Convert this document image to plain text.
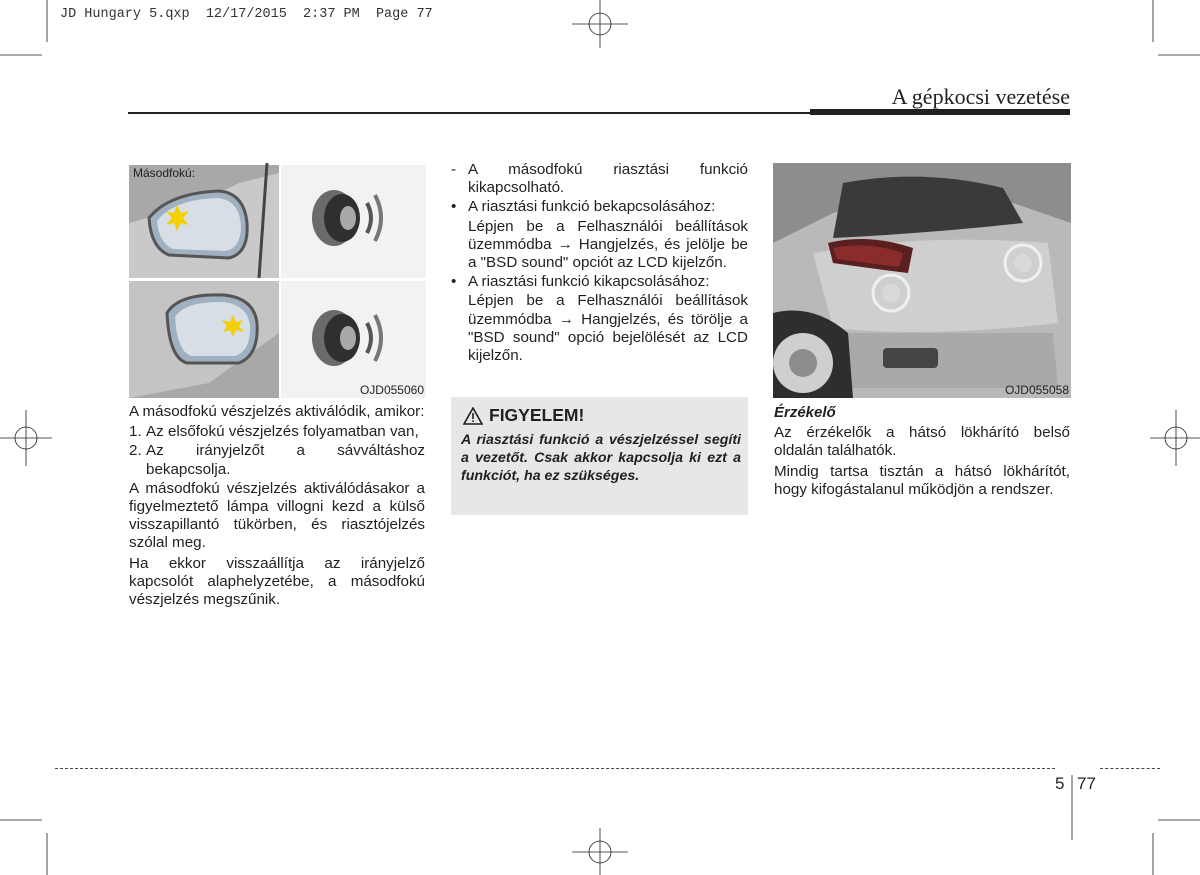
JD Hungary 5.qxp  12/17/2015  2:37 PM  Page 77
A gépkocsi vezetése
Másodfokú:
OJD055060

A másodfokú vészjelzés aktiválódik, amikor:

1. Az elsőfokú vészjelzés folyamatban van,
2. Az irányjelzőt a sávváltáshoz bekapcsolja.

A másodfokú vészjelzés aktiválódásakor a figyelmeztető lámpa villogni kezd a külső visszapillantó tükörben, és riasztójelzés szólal meg.

Ha ekkor visszaállítja az irányjelző kapcsolót alaphelyzetébe, a másodfokú vészjelzés megszűnik.

- A másodfokú riasztási funkció kikapcsolható.
• A riasztási funkció bekapcsolásához:
Lépjen be a Felhasználói beállítások üzemmódba → Hangjelzés, és jelölje be a "BSD sound" opciót az LCD kijelzőn.
• A riasztási funkció kikapcsolásához:
Lépjen be a Felhasználói beállítások üzemmódba → Hangjelzés, és törölje a "BSD sound" opció bejelölését az LCD kijelzőn.
FIGYELEM!
A riasztási funkció a vészjelzéssel segíti a vezetőt. Csak akkor kapcsolja ki ezt a funkciót, ha ez szükséges.
OJD055058
Érzékelő

Az érzékelők a hátsó lökhárító belső oldalán találhatók.

Mindig tartsa tisztán a hátsó lökhárítót, hogy kifogástalanul működjön a rendszer.

5 77
